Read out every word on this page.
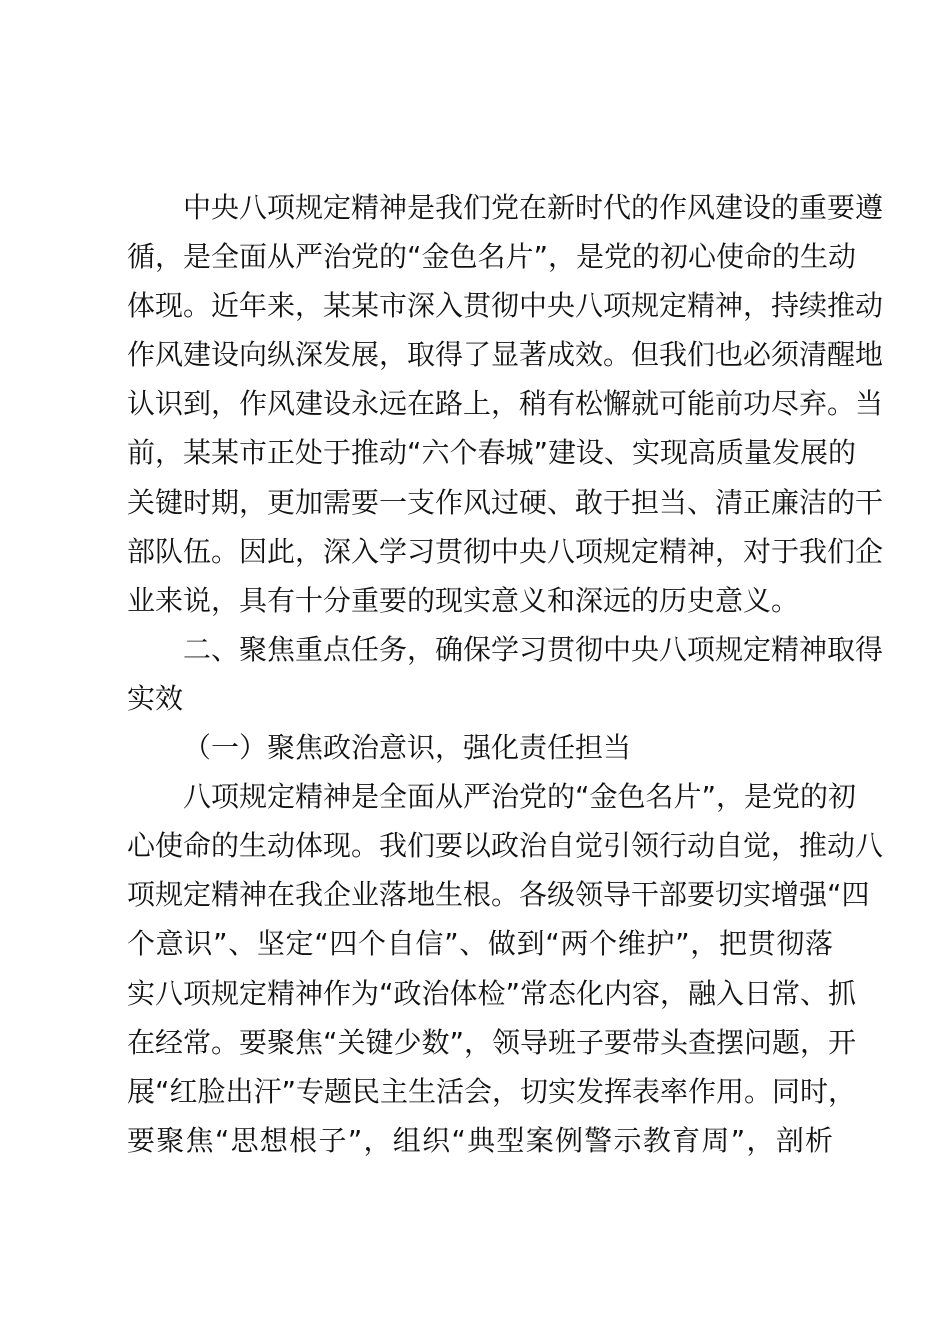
中央八项规定精神是我们党在新时代的作风建设的重要遵
循，是全面从严治党的“金色名片”，是党的初心使命的生动
体现。近年来，某某市深入贯彻中央八项规定精神，持续推动
作风建设向纵深发展，取得了显著成效。但我们也必须清醒地
认识到，作风建设永远在路上，稍有松懈就可能前功尽弃。当
前，某某市正处于推动“六个春城”建设、实现高质量发展的
关键时期，更加需要一支作风过硬、敢于担当、清正廉洁的干
部队伍。因此，深入学习贯彻中央八项规定精神，对于我们企
业来说，具有十分重要的现实意义和深远的历史意义。
二、聚焦重点任务，确保学习贯彻中央八项规定精神取得
实效
（一）聚焦政治意识，强化责任担当
八项规定精神是全面从严治党的“金色名片”，是党的初
心使命的生动体现。我们要以政治自觉引领行动自觉，推动八
项规定精神在我企业落地生根。各级领导干部要切实增强“四
个意识”、坚定“四个自信”、做到“两个维护”，把贯彻落
实八项规定精神作为“政治体检”常态化内容，融入日常、抓
在经常。要聚焦“关键少数”，领导班子要带头查摆问题，开
展“红脸出汗”专题民主生活会，切实发挥表率作用。同时，
要聚焦“思想根子”，组织“典型案例警示教育周”，剖析
